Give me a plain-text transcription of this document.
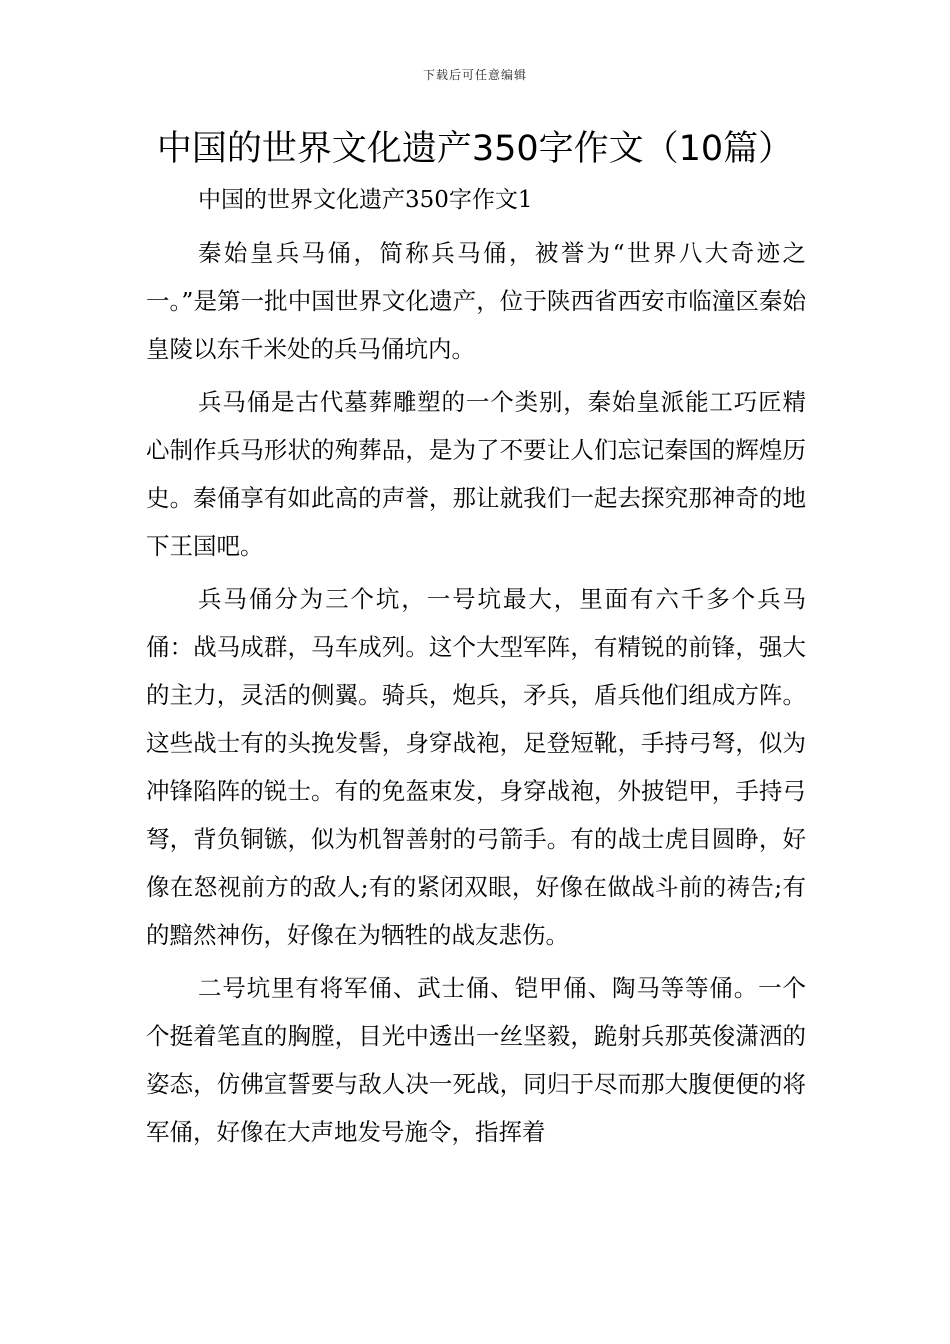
下载后可任意编辑
中国的世界文化遗产350字作文（10篇）

中国的世界文化遗产350字作文1

秦始皇兵马俑，简称兵马俑，被誉为“世界八大奇迹之一。”是第一批中国世界文化遗产，位于陕西省西安市临潼区秦始皇陵以东千米处的兵马俑坑内。

兵马俑是古代墓葬雕塑的一个类别，秦始皇派能工巧匠精心制作兵马形状的殉葬品，是为了不要让人们忘记秦国的辉煌历史。秦俑享有如此高的声誉，那让就我们一起去探究那神奇的地下王国吧。

兵马俑分为三个坑，一号坑最大，里面有六千多个兵马俑：战马成群，马车成列。这个大型军阵，有精锐的前锋，强大的主力，灵活的侧翼。骑兵，炮兵，矛兵，盾兵他们组成方阵。这些战士有的头挽发髻，身穿战袍，足登短靴，手持弓弩，似为冲锋陷阵的锐士。有的免盔束发，身穿战袍，外披铠甲，手持弓弩，背负铜镞，似为机智善射的弓箭手。有的战士虎目圆睁，好像在怒视前方的敌人;有的紧闭双眼，好像在做战斗前的祷告;有的黯然神伤，好像在为牺牲的战友悲伤。

二号坑里有将军俑、武士俑、铠甲俑、陶马等等俑。一个个挺着笔直的胸膛，目光中透出一丝坚毅，跪射兵那英俊潇洒的姿态，仿佛宣誓要与敌人决一死战，同归于尽而那大腹便便的将军俑，好像在大声地发号施令，指挥着
